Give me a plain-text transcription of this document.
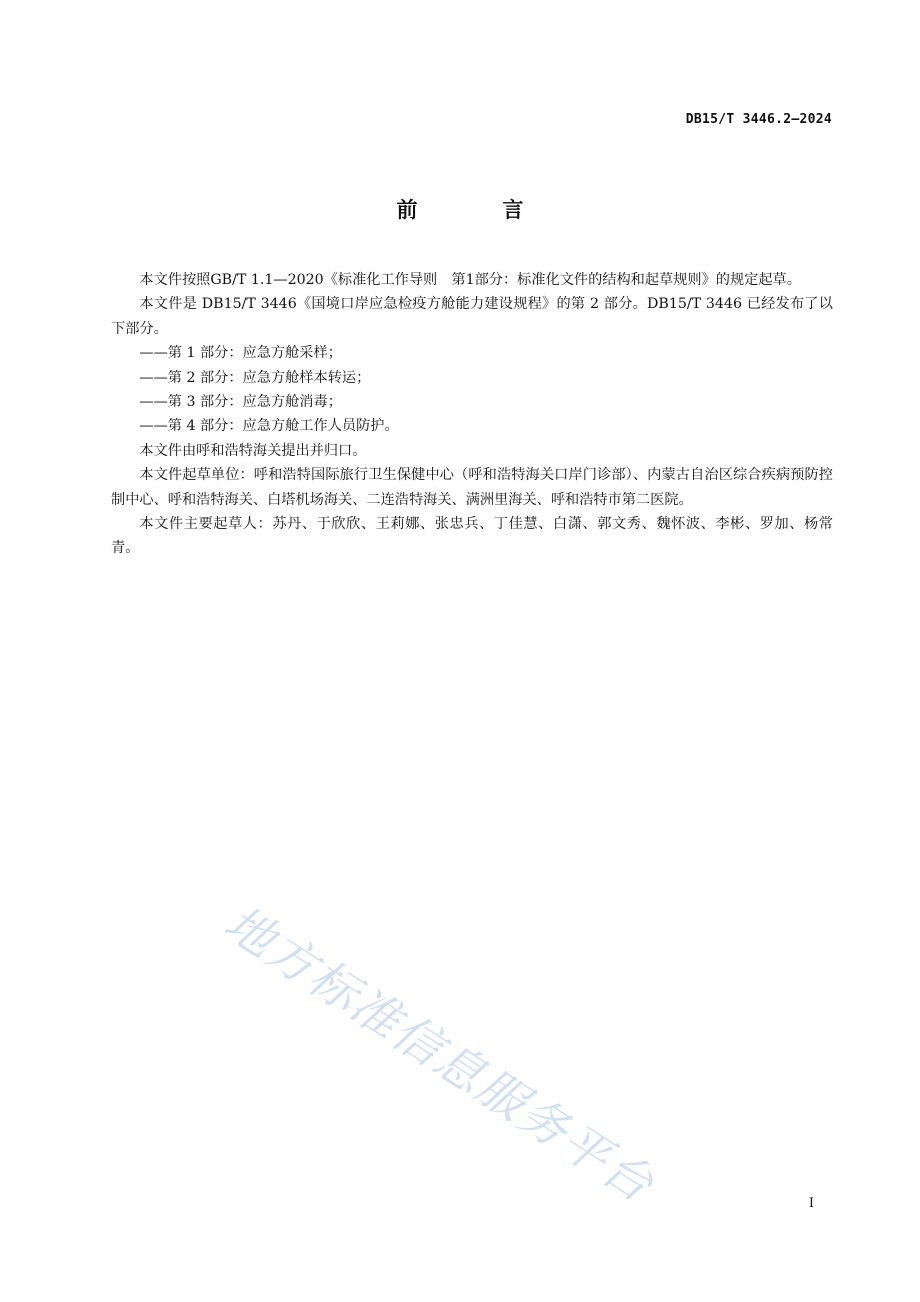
DB15/T 3446.2—2024
前　言

本文件按照GB/T 1.1—2020《标准化工作导则　第1部分：标准化文件的结构和起草规则》的规定起草。

本文件是 DB15/T 3446《国境口岸应急检疫方舱能力建设规程》的第 2 部分。DB15/T 3446 已经发布了以下部分。

——第 1 部分：应急方舱采样；

——第 2 部分：应急方舱样本转运；

——第 3 部分：应急方舱消毒；

——第 4 部分：应急方舱工作人员防护。

本文件由呼和浩特海关提出并归口。

本文件起草单位：呼和浩特国际旅行卫生保健中心（呼和浩特海关口岸门诊部）、内蒙古自治区综合疾病预防控制中心、呼和浩特海关、白塔机场海关、二连浩特海关、满洲里海关、呼和浩特市第二医院。

本文件主要起草人：苏丹、于欣欣、王莉娜、张忠兵、丁佳慧、白潇、郭文秀、魏怀波、李彬、罗加、杨常青。

地方标准信息服务平台	I
